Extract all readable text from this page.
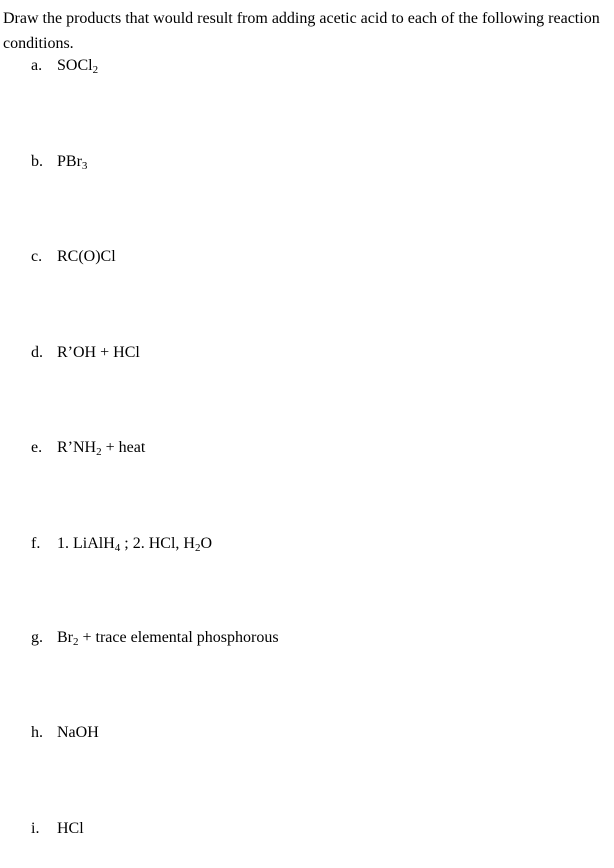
Draw the products that would result from adding acetic acid to each of the following reaction conditions.

a. SOCl$_2$
b. PBr$_3$
c. RC(O)Cl
d. R’OH + HCl
e. $R’NH_2$ + heat
f. 1. LiAlH$_4$ ; 2. HCl, $H_2O$
g. $Br_2$ + trace elemental phosphorous
h. NaOH
i. HCl
